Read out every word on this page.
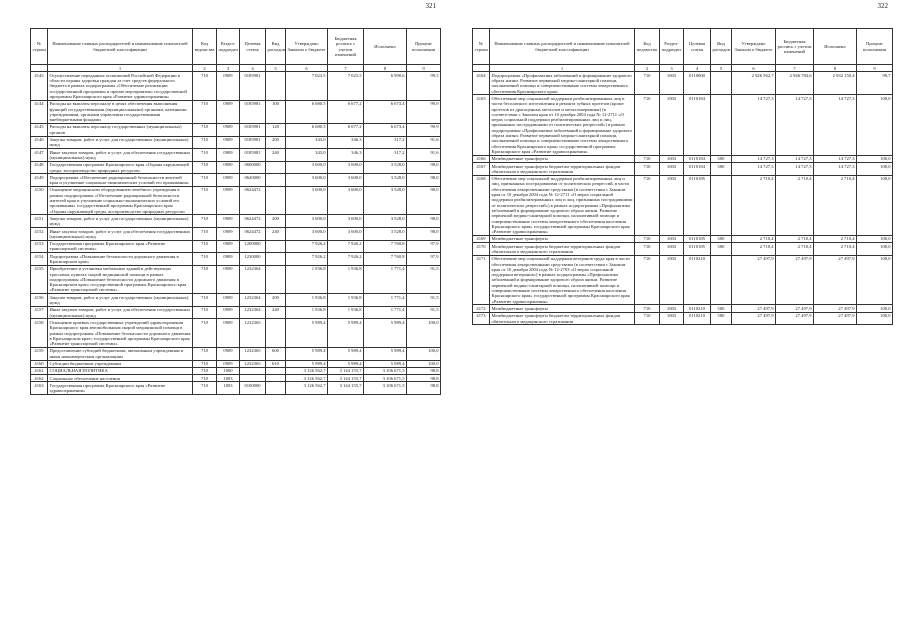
321
№ строки	Наименование главных распорядителей и наименование показателей бюджетной классификации	Код ведомства	Раздел-подраздел	Целевая статья	Вид расходов	Утверждено Законом о бюджете	Бюджетная роспись с учетом изменений	Исполнено	Процент исполнения
	1	2	3	4	5	6	7	8	9
4143	Осуществление переданных полномочий Российской Федерации в области охраны здоровья граждан за счет средств федерального бюджета в рамках подпрограммы «Обеспечение реализации государственной программы и прочие мероприятия» государственной программы Красноярского края «Развитие здравоохранения»	710	0909	0185981		7 023,5	7 023,5	6 990,6	99,5
4144	Расходы на выплаты персоналу в целях обеспечения выполнения функций государственными (муниципальными) органами, казенными учреждениями, органами управления государственными внебюджетными фондами	710	0909	0185981	100	6 680,5	6 677,2	6 673,4	99,9
4145	Расходы на выплаты персоналу государственных (муниципальных) органов	710	0909	0185981	120	6 680,5	6 677,2	6 673,4	99,9
4146	Закупка товаров, работ и услуг для государственных (муниципальных) нужд	710	0909	0185981	200	343,0	346,3	317,2	91,6
4147	Иные закупки товаров, работ и услуг для обеспечения государственных (муниципальных) нужд	710	0909	0185981	240	343,0	346,3	317,2	91,6
4148	Государственная программа Красноярского края «Охрана окружающей среды, воспроизводство природных ресурсов»	710	0909	0600000		3 600,0	3 600,0	3 528,0	98,0
4149	Подпрограмма «Обеспечение радиационной безопасности жителей края и улучшение социально-экономических условий его проживания»	710	0909	0620000		3 600,0	3 600,0	3 528,0	98,0
4150	Оснащение медицинским оборудованием лечебного учреждения в рамках подпрограммы «Обеспечение радиационной безопасности жителей края и улучшение социально-экономических условий его проживания» государственной программы Красноярского края «Охрана окружающей среды, воспроизводство природных ресурсов»	710	0909	0624472		3 600,0	3 600,0	3 528,0	98,0
4151	Закупка товаров, работ и услуг для государственных (муниципальных) нужд	710	0909	0624472	200	3 600,0	3 600,0	3 528,0	98,0
4152	Иные закупки товаров, работ и услуг для обеспечения государственных (муниципальных) нужд	710	0909	0624472	240	3 600,0	3 600,0	3 528,0	98,0
4153	Государственная программа Красноярского края «Развитие транспортной системы»	710	0909	1200000		7 926,2	7 926,2	7 760,8	97,9
4154	Подпрограмма «Повышение безопасности дорожного движения в Красноярском крае»	710	0909	1230000		7 926,2	7 926,2	7 760,8	97,9
4155	Приобретение и установка мобильных зданий в действующих трассовых пунктах скорой медицинской помощи в рамках подпрограммы «Повышение безопасности дорожного движения в Красноярском крае» государственной программы Красноярского края «Развитие транспортной системы»	710	0909	1232364		1 936,8	1 936,8	1 771,4	91,5
4156	Закупка товаров, работ и услуг для государственных (муниципальных) нужд	710	0909	1232364	200	1 936,8	1 936,8	1 771,4	91,5
4157	Иные закупки товаров, работ и услуг для обеспечения государственных (муниципальных) нужд	710	0909	1232364	240	1 936,8	1 936,8	1 771,4	91,5
4158	Оснащение краевых государственных учреждений здравоохранения Красноярского края автомобильным скорой медицинской помощи в рамках подпрограммы «Повышение безопасности дорожного движения в Красноярском крае» государственной программы Красноярского края «Развитие транспортной системы»	710	0909	1232365		5 989,4	5 989,4	5 989,4	100,0
4159	Предоставление субсидий бюджетным, автономным учреждениям и иным некоммерческим организациям	710	0909	1232365	600	5 989,4	5 989,4	5 989,4	100,0
4160	Субсидии бюджетным учреждениям	710	0909	1232365	610	5 989,4	5 989,4	5 989,4	100,0
4161	СОЦИАЛЬНАЯ ПОЛИТИКА	710	1000			3 126 562,7	3 144 155,7	3 106 671,5	98,8
4162	Социальное обеспечение населения	710	1003			3 126 562,7	3 144 155,7	3 106 671,5	98,8
4163	Государственная программа Красноярского края «Развитие здравоохранения»	710	1003	0100000		3 126 562,7	3 144 155,7	3 106 671,5	98,8
322
№ строки	Наименование главных распорядителей и наименование показателей бюджетной классификации	Код ведомства	Раздел-подраздел	Целевая статья	Вид расходов	Утверждено Законом о бюджете	Бюджетная роспись с учетом изменений	Исполнено	Процент исполнения
	1	2	3	4	5	6	7	8	9
4164	Подпрограмма «Профилактика заболеваний и формирование здорового образа жизни. Развитие первичной медико-санитарной помощи, паллиативной помощи и совершенствование системы лекарственного обеспечения Красноярского края»	710	1003	0110000		2 926 562,7	2 946 784,6	2 932 150,4	99,7
4165	Обеспечение мер социальной поддержки реабилитированных лиц в части бесплатного изготовления и ремонта зубных протезов (кроме протезов из драгоценных металлов и металлокерамики) (в соответствии с Законом края от 10 декабря 2004 года № 12-2711 «О мерах социальной поддержки реабилитированных лиц и лиц, признанных пострадавшими от политических репрессий») в рамках подпрограммы «Профилактика заболеваний и формирование здорового образа жизни. Развитие первичной медико-санитарной помощи, паллиативной помощи и совершенствование системы лекарственного обеспечения Красноярского края» государственной программы Красноярского края «Развитие здравоохранения»	710	1003	0110184		14 727,3	14 727,3	14 727,3	100,0
4166	Межбюджетные трансферты	710	1003	0110184	500	14 727,3	14 727,3	14 727,3	100,0
4167	Межбюджетные трансферты бюджетам территориальных фондов обязательного медицинского страхования	710	1003	0110184	580	14 727,3	14 727,3	14 727,3	100,0
4168	Обеспечение мер социальной поддержки реабилитированных лиц и лиц, признанных пострадавшими от политических репрессий, в части обеспечения лекарственными средствами (в соответствии с Законом края от 10 декабря 2004 года № 12-2711 «О мерах социальной поддержки реабилитированных лиц и лиц, признанных пострадавшими от политических репрессий») в рамках подпрограммы «Профилактика заболеваний и формирование здорового образа жизни. Развитие первичной медико-санитарной помощи, паллиативной помощи и совершенствование системы лекарственного обеспечения населения Красноярского края» государственной программы Красноярского края «Развитие здравоохранения»	710	1003	0110185		2 710,4	2 710,4	2 710,4	100,0
4169	Межбюджетные трансферты	710	1003	0110185	500	2 710,4	2 710,4	2 710,4	100,0
4170	Межбюджетные трансферты бюджетам территориальных фондов обязательного медицинского страхования	710	1003	0110185	580	2 710,4	2 710,4	2 710,4	100,0
4171	Обеспечение мер социальной поддержки ветеранов труда края в части обеспечения лекарственными средствами (в соответствии с Законом края от 10 декабря 2004 года № 12-2703 «О мерах социальной поддержки ветеранов») в рамках подпрограммы «Профилактика заболеваний и формирование здорового образа жизни. Развитие первичной медико-санитарной помощи, паллиативной помощи и совершенствование системы лекарственного обеспечения населения Красноярского края» государственной программы Красноярского края «Развитие здравоохранения»	710	1003	0110210		27 497,9	27 497,9	27 497,9	100,0
4172	Межбюджетные трансферты	710	1003	0110210	500	27 497,9	27 497,9	27 497,9	100,0
4173	Межбюджетные трансферты бюджетам территориальных фондов обязательного медицинского страхования	710	1003	0110210	580	27 497,9	27 497,9	27 497,9	100,0
